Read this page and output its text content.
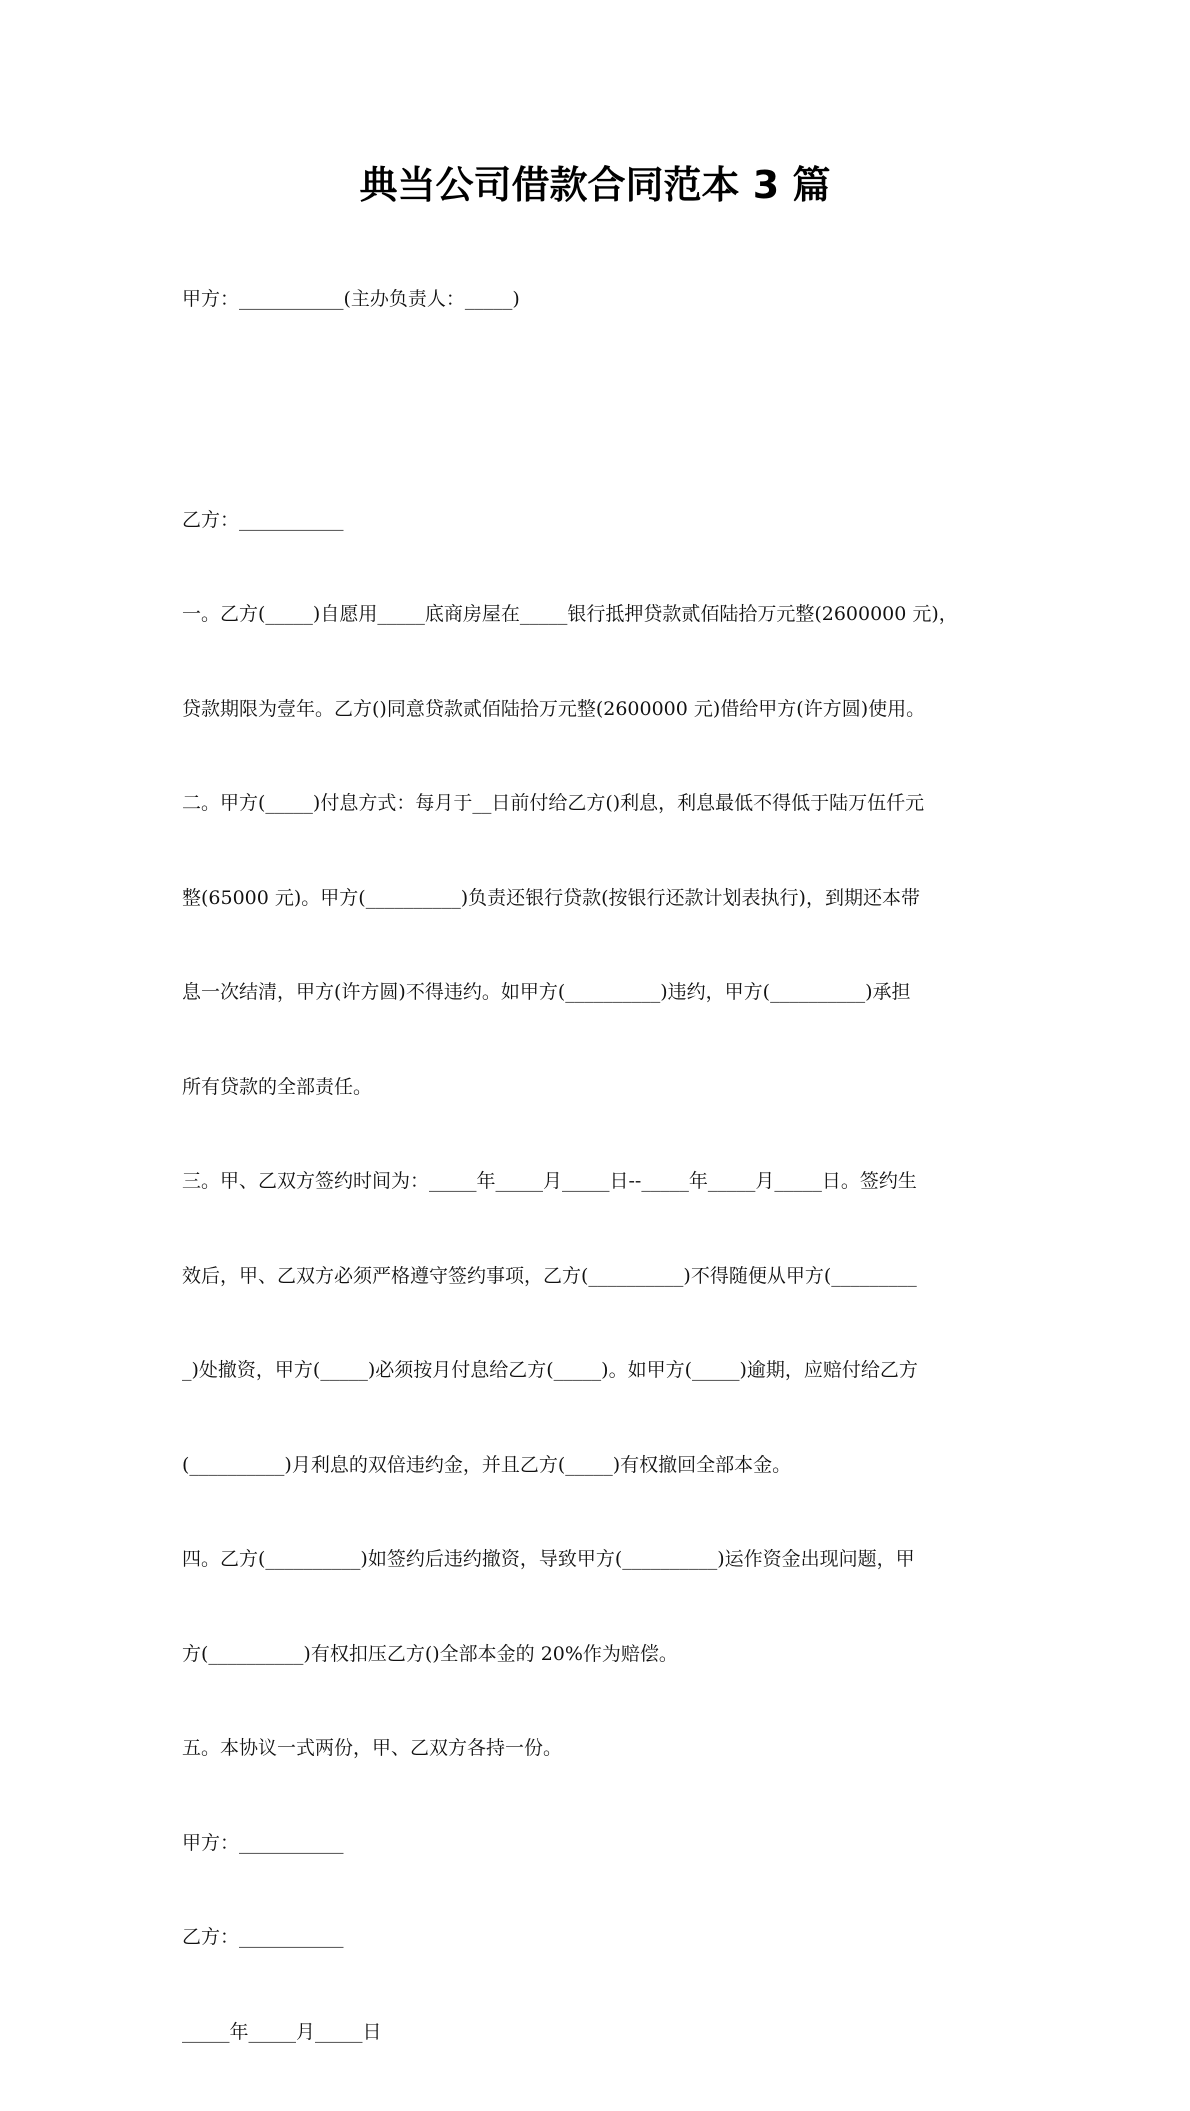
典当公司借款合同范本 3 篇

甲方：___________(主办负责人：_____)

乙方：___________

一。乙方(_____)自愿用_____底商房屋在_____银行抵押贷款贰佰陆拾万元整(2600000 元)，

贷款期限为壹年。乙方()同意贷款贰佰陆拾万元整(2600000 元)借给甲方(许方圆)使用。

二。甲方(_____)付息方式：每月于__日前付给乙方()利息，利息最低不得低于陆万伍仟元

整(65000 元)。甲方(__________)负责还银行贷款(按银行还款计划表执行)，到期还本带

息一次结清，甲方(许方圆)不得违约。如甲方(__________)违约，甲方(__________)承担

所有贷款的全部责任。

三。甲、乙双方签约时间为：_____年_____月_____日--_____年_____月_____日。签约生

效后，甲、乙双方必须严格遵守签约事项，乙方(__________)不得随便从甲方(_________

_)处撤资，甲方(_____)必须按月付息给乙方(_____)。如甲方(_____)逾期，应赔付给乙方

(__________)月利息的双倍违约金，并且乙方(_____)有权撤回全部本金。

四。乙方(__________)如签约后违约撤资，导致甲方(__________)运作资金出现问题，甲

方(__________)有权扣压乙方()全部本金的 20%作为赔偿。

五。本协议一式两份，甲、乙双方各持一份。

甲方：___________

乙方：___________

_____年_____月_____日
